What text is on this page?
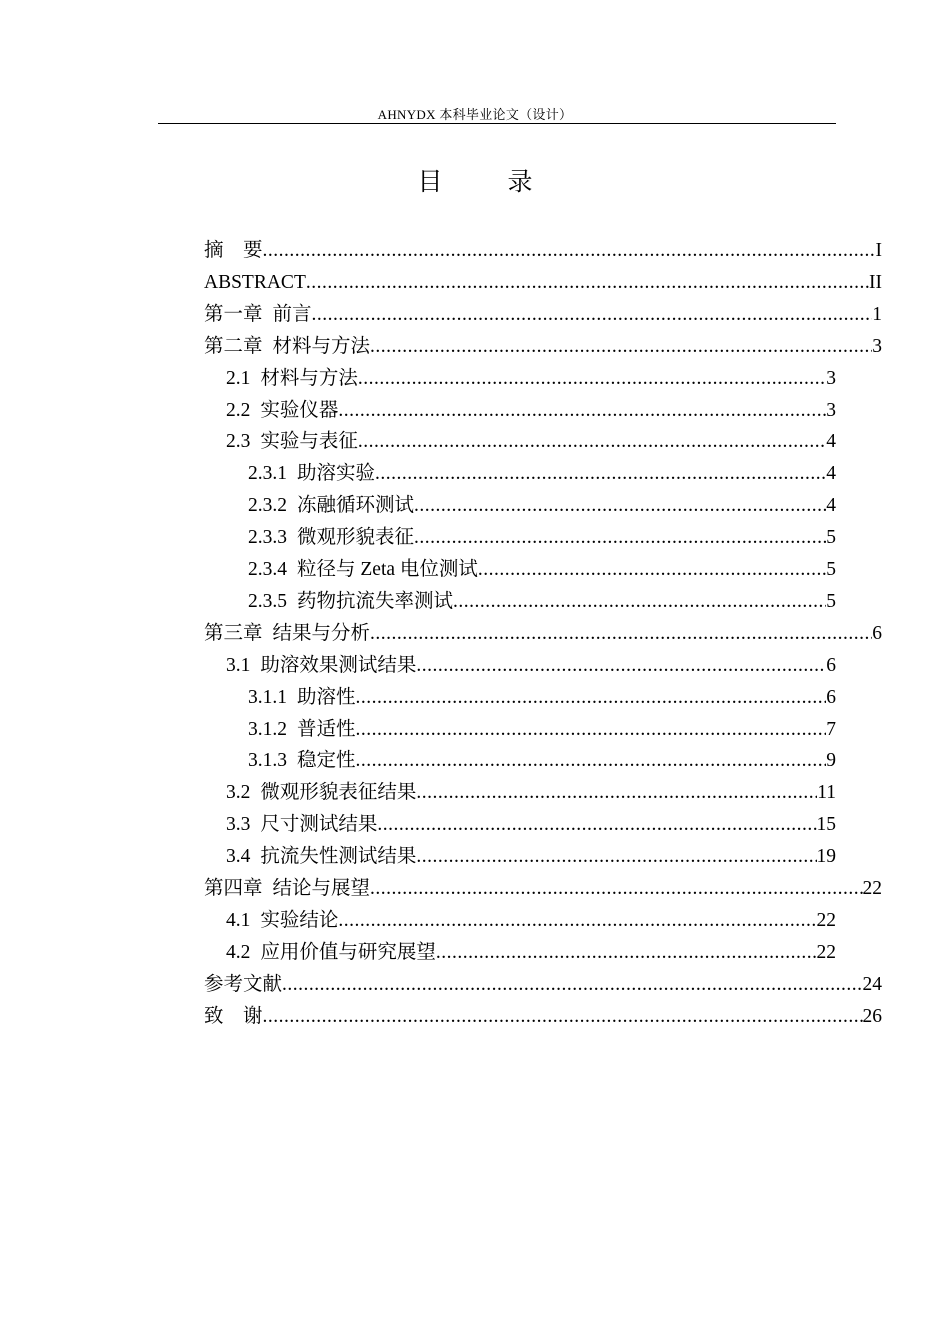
AHNYDX 本科毕业论文（设计）
目　录
摘　要 .....	I
ABSTRACT .....	II
第一章 前言 .....	1
第二章 材料与方法 .....	3
2.1 材料与方法 .....	3
2.2 实验仪器 .....	3
2.3 实验与表征 .....	4
2.3.1 助溶实验 .....	4
2.3.2 冻融循环测试 .....	4
2.3.3 微观形貌表征 .....	5
2.3.4 粒径与 Zeta 电位测试 .....	5
2.3.5 药物抗流失率测试 .....	5
第三章 结果与分析 .....	6
3.1 助溶效果测试结果 .....	6
3.1.1 助溶性 .....	6
3.1.2 普适性 .....	7
3.1.3 稳定性 .....	9
3.2 微观形貌表征结果 .....	11
3.3 尺寸测试结果 .....	15
3.4 抗流失性测试结果 .....	19
第四章 结论与展望 .....	22
4.1 实验结论 .....	22
4.2 应用价值与研究展望 .....	22
参考文献 .....	24
致　谢 .....	26
